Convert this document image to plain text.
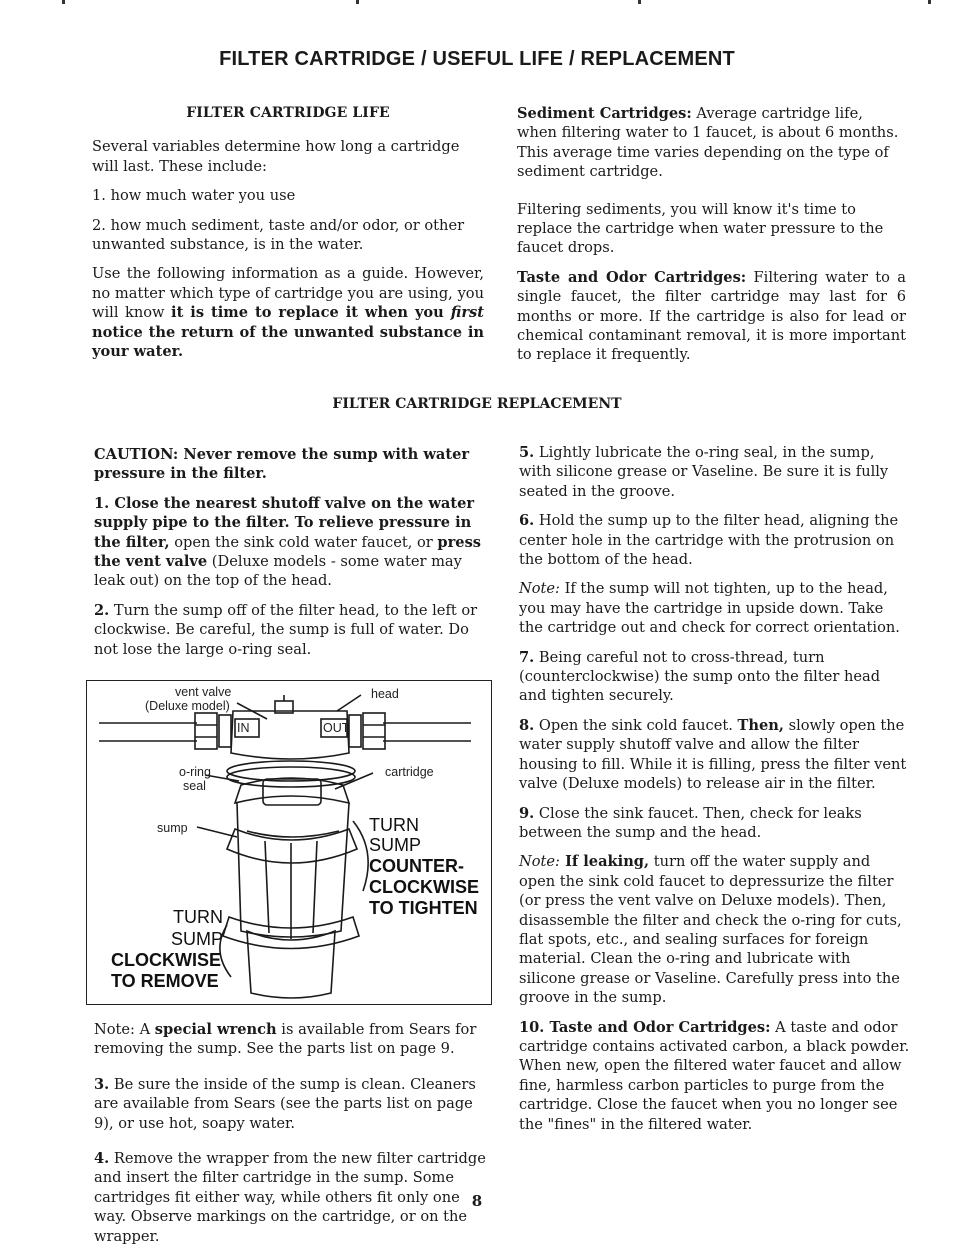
FILTER CARTRIDGE / USEFUL LIFE / REPLACEMENT

FILTER CARTRIDGE LIFE

Several variables determine how long a cartridge will last. These include:

1. how much water you use

2. how much sediment, taste and/or odor, or other unwanted substance, is in the water.

Use the following information as a guide. However, no matter which type of cartridge you are using, you will know it is time to replace it when you first notice the return of the unwanted substance in your water.

Sediment Cartridges: Average cartridge life, when filtering water to 1 faucet, is about 6 months. This average time varies depending on the type of sediment cartridge.

Filtering sediments, you will know it's time to replace the cartridge when water pressure to the faucet drops.

Taste and Odor Cartridges: Filtering water to a single faucet, the filter cartridge may last for 6 months or more. If the cartridge is also for lead or chemical contaminant removal, it is more important to replace it frequently.

FILTER CARTRIDGE REPLACEMENT

CAUTION: Never remove the sump with water pressure in the filter.

1. Close the nearest shutoff valve on the water supply pipe to the filter. To relieve pressure in the filter, open the sink cold water faucet, or press the vent valve (Deluxe models - some water may leak out) on the top of the head.

2. Turn the sump off of the filter head, to the left or clockwise. Be careful, the sump is full of water. Do not lose the large o-ring seal.

vent valve
(Deluxe model)
head
IN	OUT
o-ring
seal
cartridge
sump	TURN
SUMP
COUNTER-
CLOCKWISE
TO TIGHTEN
TURN
SUMP
CLOCKWISE
TO REMOVE

Note: A special wrench is available from Sears for removing the sump. See the parts list on page 9.

3. Be sure the inside of the sump is clean. Cleaners are available from Sears (see the parts list on page 9), or use hot, soapy water.

4. Remove the wrapper from the new filter cartridge and insert the filter cartridge in the sump. Some cartridges fit either way, while others fit only one way. Observe markings on the cartridge, or on the wrapper.

5. Lightly lubricate the o-ring seal, in the sump, with silicone grease or Vaseline. Be sure it is fully seated in the groove.

6. Hold the sump up to the filter head, aligning the center hole in the cartridge with the protrusion on the bottom of the head.

Note: If the sump will not tighten, up to the head, you may have the cartridge in upside down. Take the cartridge out and check for correct orientation.

7. Being careful not to cross-thread, turn (counterclockwise) the sump onto the filter head and tighten securely.

8. Open the sink cold faucet. Then, slowly open the water supply shutoff valve and allow the filter housing to fill. While it is filling, press the filter vent valve (Deluxe models) to release air in the filter.

9. Close the sink faucet. Then, check for leaks between the sump and the head.

Note: If leaking, turn off the water supply and open the sink cold faucet to depressurize the filter (or press the vent valve on Deluxe models). Then, disassemble the filter and check the o-ring for cuts, flat spots, etc., and sealing surfaces for foreign material. Clean the o-ring and lubricate with silicone grease or Vaseline. Carefully press into the groove in the sump.

10. Taste and Odor Cartridges: A taste and odor cartridge contains activated carbon, a black powder. When new, open the filtered water faucet and allow fine, harmless carbon particles to purge from the cartridge. Close the faucet when you no longer see the "fines" in the filtered water.

8
